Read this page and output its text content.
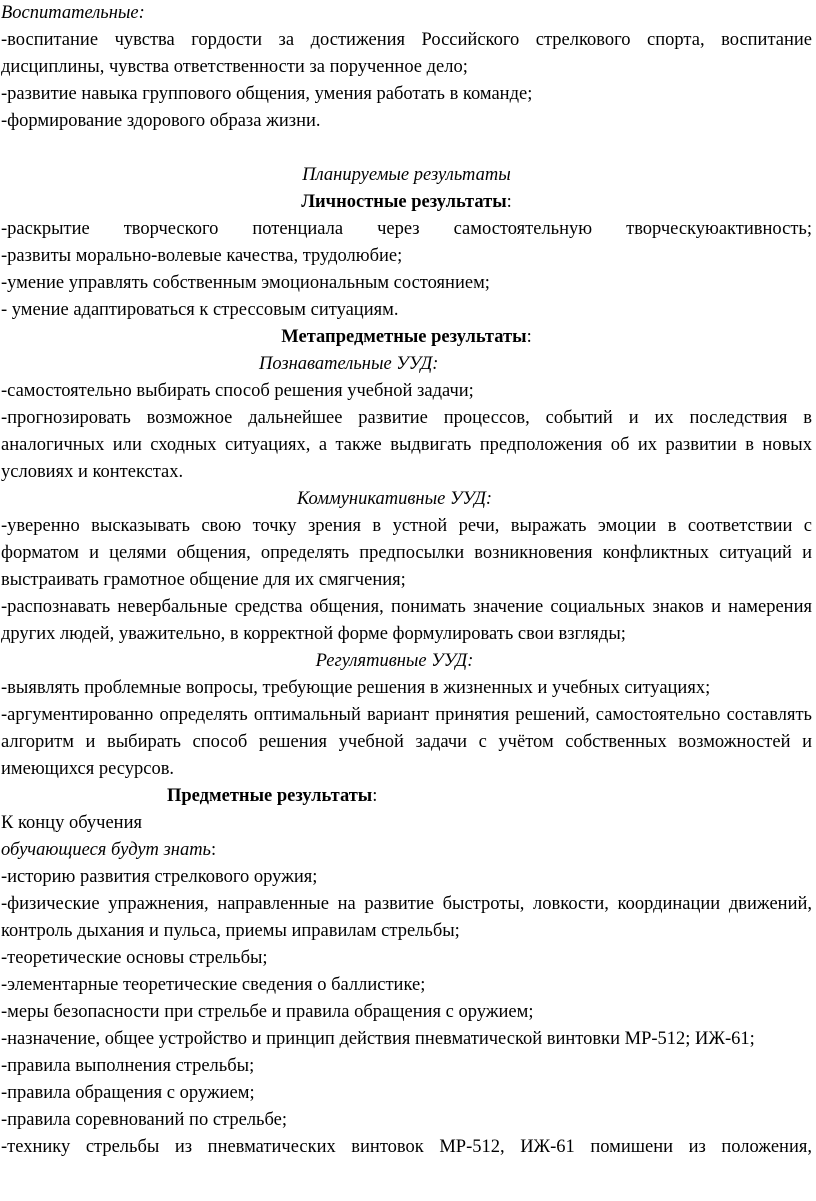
Воспитательные:

-воспитание чувства гордости за достижения Российского стрелкового спорта, воспитание дисциплины, чувства ответственности за порученное дело;

-развитие навыка группового общения, умения работать в команде;

-формирование здорового образа жизни.

Планируемые результаты

Личностные результаты:

-раскрытие творческого потенциала через самостоятельную творческуюактивность;

-развиты морально-волевые качества, трудолюбие;

-умение управлять собственным эмоциональным состоянием;

- умение адаптироваться к стрессовым ситуациям.

Метапредметные результаты:

Познавательные УУД:

-самостоятельно выбирать способ решения учебной задачи;

-прогнозировать возможное дальнейшее развитие процессов, событий и их последствия в аналогичных или сходных ситуациях, а также выдвигать предположения об их развитии в новых условиях и контекстах.

Коммуникативные УУД:

-уверенно высказывать свою точку зрения в устной речи, выражать эмоции в соответствии с форматом и целями общения, определять предпосылки возникновения конфликтных ситуаций и выстраивать грамотное общение для их смягчения;

-распознавать невербальные средства общения, понимать значение социальных знаков и намерения других людей, уважительно, в корректной форме формулировать свои взгляды;

Регулятивные УУД:

-выявлять проблемные вопросы, требующие решения в жизненных и учебных ситуациях;

-аргументированно определять оптимальный вариант принятия решений, самостоятельно составлять алгоритм и выбирать способ решения учебной задачи с учётом собственных возможностей и имеющихся ресурсов.

Предметные результаты:

К концу обучения

обучающиеся будут знать:

-историю развития стрелкового оружия;

-физические упражнения, направленные на развитие быстроты, ловкости, координации движений, контроль дыхания и пульса, приемы иправилам стрельбы;

-теоретические основы стрельбы;

-элементарные теоретические сведения о баллистике;

-меры безопасности при стрельбе и правила обращения с оружием;

-назначение, общее устройство и принцип действия пневматической винтовки МР-512; ИЖ-61;

-правила выполнения стрельбы;

-правила обращения с оружием;

-правила соревнований по стрельбе;

-технику стрельбы из пневматических винтовок МР-512, ИЖ-61 помишени из положения,
